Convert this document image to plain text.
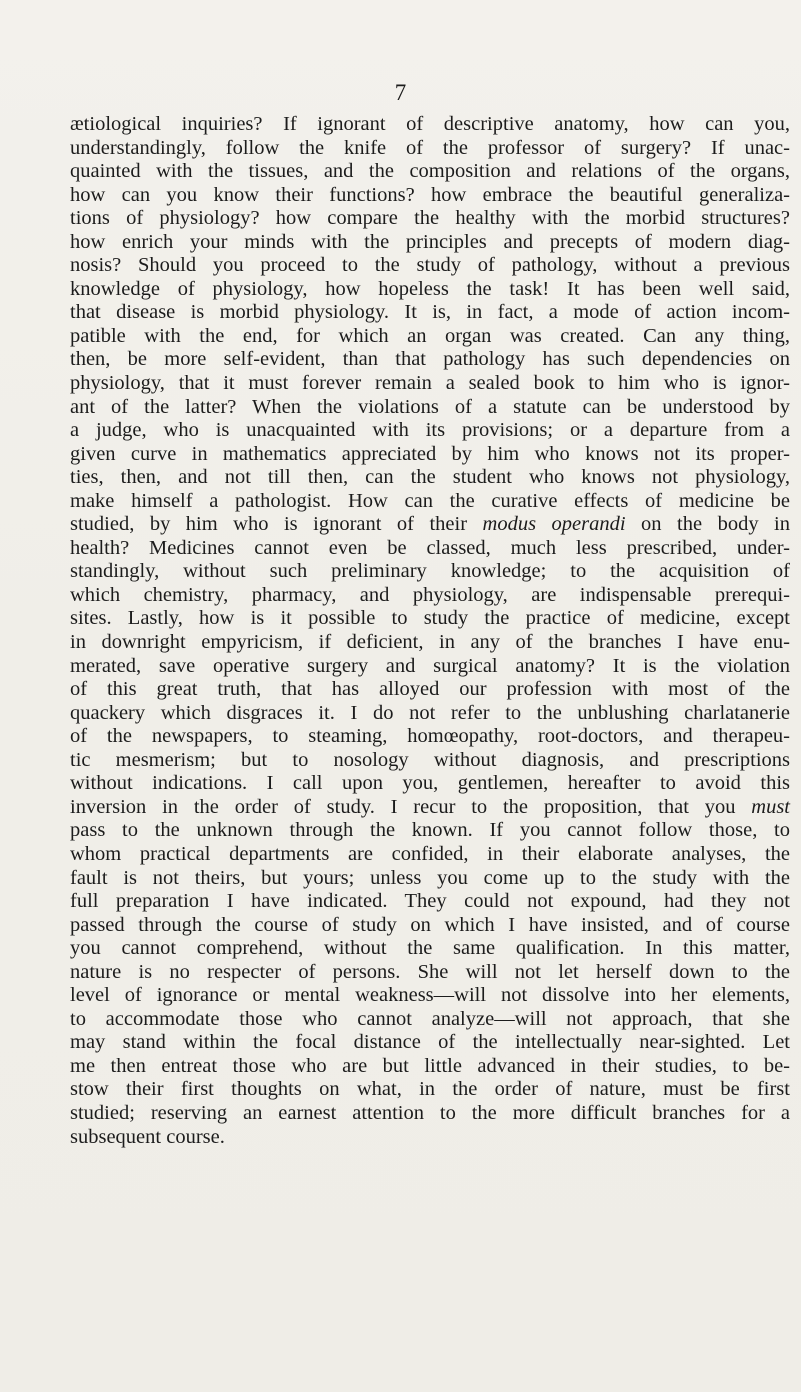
7
ætiological inquiries? If ignorant of descriptive anatomy, how can you,
understandingly, follow the knife of the professor of surgery? If unac-
quainted with the tissues, and the composition and relations of the organs,
how can you know their functions? how embrace the beautiful generaliza-
tions of physiology? how compare the healthy with the morbid structures?
how enrich your minds with the principles and precepts of modern diag-
nosis? Should you proceed to the study of pathology, without a previous
knowledge of physiology, how hopeless the task! It has been well said,
that disease is morbid physiology. It is, in fact, a mode of action incom-
patible with the end, for which an organ was created. Can any thing,
then, be more self-evident, than that pathology has such dependencies on
physiology, that it must forever remain a sealed book to him who is ignor-
ant of the latter? When the violations of a statute can be understood by
a judge, who is unacquainted with its provisions; or a departure from a
given curve in mathematics appreciated by him who knows not its proper-
ties, then, and not till then, can the student who knows not physiology,
make himself a pathologist. How can the curative effects of medicine be
studied, by him who is ignorant of their modus operandi on the body in
health? Medicines cannot even be classed, much less prescribed, under-
standingly, without such preliminary knowledge; to the acquisition of
which chemistry, pharmacy, and physiology, are indispensable prerequi-
sites. Lastly, how is it possible to study the practice of medicine, except
in downright empyricism, if deficient, in any of the branches I have enu-
merated, save operative surgery and surgical anatomy? It is the violation
of this great truth, that has alloyed our profession with most of the
quackery which disgraces it. I do not refer to the unblushing charlatanerie
of the newspapers, to steaming, homœopathy, root-doctors, and therapeu-
tic mesmerism; but to nosology without diagnosis, and prescriptions
without indications. I call upon you, gentlemen, hereafter to avoid this
inversion in the order of study. I recur to the proposition, that you must
pass to the unknown through the known. If you cannot follow those, to
whom practical departments are confided, in their elaborate analyses, the
fault is not theirs, but yours; unless you come up to the study with the
full preparation I have indicated. They could not expound, had they not
passed through the course of study on which I have insisted, and of course
you cannot comprehend, without the same qualification. In this matter,
nature is no respecter of persons. She will not let herself down to the
level of ignorance or mental weakness—will not dissolve into her elements,
to accommodate those who cannot analyze—will not approach, that she
may stand within the focal distance of the intellectually near-sighted. Let
me then entreat those who are but little advanced in their studies, to be-
stow their first thoughts on what, in the order of nature, must be first
studied; reserving an earnest attention to the more difficult branches for a
subsequent course.
